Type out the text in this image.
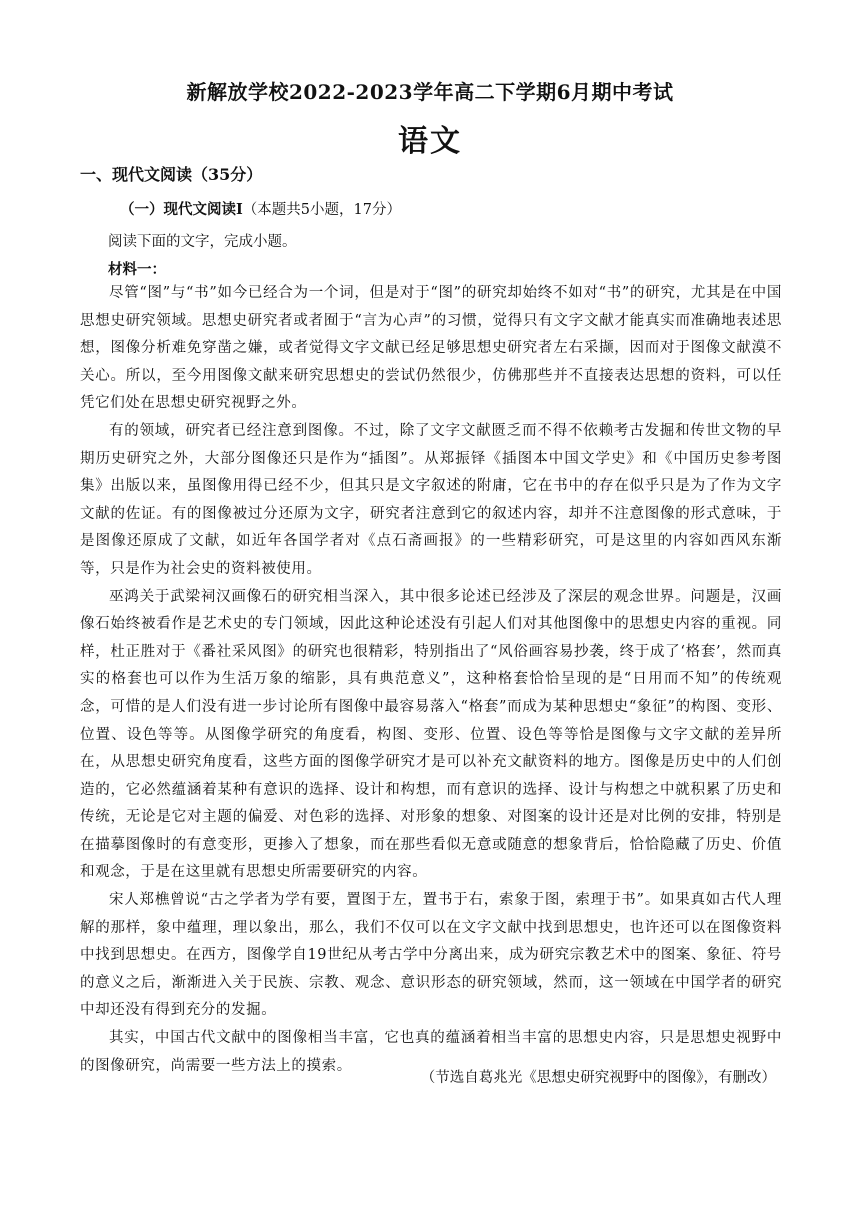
新解放学校2022-2023学年高二下学期6月期中考试
语文
一、现代文阅读（35分）
（一）现代文阅读Ⅰ（本题共5小题，17分）
阅读下面的文字，完成小题。
材料一：

尽管“图”与“书”如今已经合为一个词，但是对于“图”的研究却始终不如对“书”的研究，尤其是在中国思想史研究领域。思想史研究者或者囿于“言为心声”的习惯，觉得只有文字文献才能真实而准确地表述思想，图像分析难免穿凿之嫌，或者觉得文字文献已经足够思想史研究者左右采撷，因而对于图像文献漠不关心。所以，至今用图像文献来研究思想史的尝试仍然很少，仿佛那些并不直接表达思想的资料，可以任凭它们处在思想史研究视野之外。

有的领域，研究者已经注意到图像。不过，除了文字文献匮乏而不得不依赖考古发掘和传世文物的早期历史研究之外，大部分图像还只是作为“插图”。从郑振铎《插图本中国文学史》和《中国历史参考图集》出版以来，虽图像用得已经不少，但其只是文字叙述的附庸，它在书中的存在似乎只是为了作为文字文献的佐证。有的图像被过分还原为文字，研究者注意到它的叙述内容，却并不注意图像的形式意味，于是图像还原成了文献，如近年各国学者对《点石斋画报》的一些精彩研究，可是这里的内容如西风东渐等，只是作为社会史的资料被使用。

巫鸿关于武梁祠汉画像石的研究相当深入，其中很多论述已经涉及了深层的观念世界。问题是，汉画像石始终被看作是艺术史的专门领域，因此这种论述没有引起人们对其他图像中的思想史内容的重视。同样，杜正胜对于《番社采风图》的研究也很精彩，特别指出了“风俗画容易抄袭，终于成了‘格套’，然而真实的格套也可以作为生活万象的缩影，具有典范意义”，这种格套恰恰呈现的是“日用而不知”的传统观念，可惜的是人们没有进一步讨论所有图像中最容易落入“格套”而成为某种思想史“象征”的构图、变形、位置、设色等等。从图像学研究的角度看，构图、变形、位置、设色等等恰是图像与文字文献的差异所在，从思想史研究角度看，这些方面的图像学研究才是可以补充文献资料的地方。图像是历史中的人们创造的，它必然蕴涵着某种有意识的选择、设计和构想，而有意识的选择、设计与构想之中就积累了历史和传统，无论是它对主题的偏爱、对色彩的选择、对形象的想象、对图案的设计还是对比例的安排，特别是在描摹图像时的有意变形，更掺入了想象，而在那些看似无意或随意的想象背后，恰恰隐藏了历史、价值和观念，于是在这里就有思想史所需要研究的内容。

宋人郑樵曾说“古之学者为学有要，置图于左，置书于右，索象于图，索理于书”。如果真如古代人理解的那样，象中蕴理，理以象出，那么，我们不仅可以在文字文献中找到思想史，也许还可以在图像资料中找到思想史。在西方，图像学自19世纪从考古学中分离出来，成为研究宗教艺术中的图案、象征、符号的意义之后，渐渐进入关于民族、宗教、观念、意识形态的研究领域，然而，这一领域在中国学者的研究中却还没有得到充分的发掘。

其实，中国古代文献中的图像相当丰富，它也真的蕴涵着相当丰富的思想史内容，只是思想史视野中的图像研究，尚需要一些方法上的摸索。

（节选自葛兆光《思想史研究视野中的图像》，有删改）
